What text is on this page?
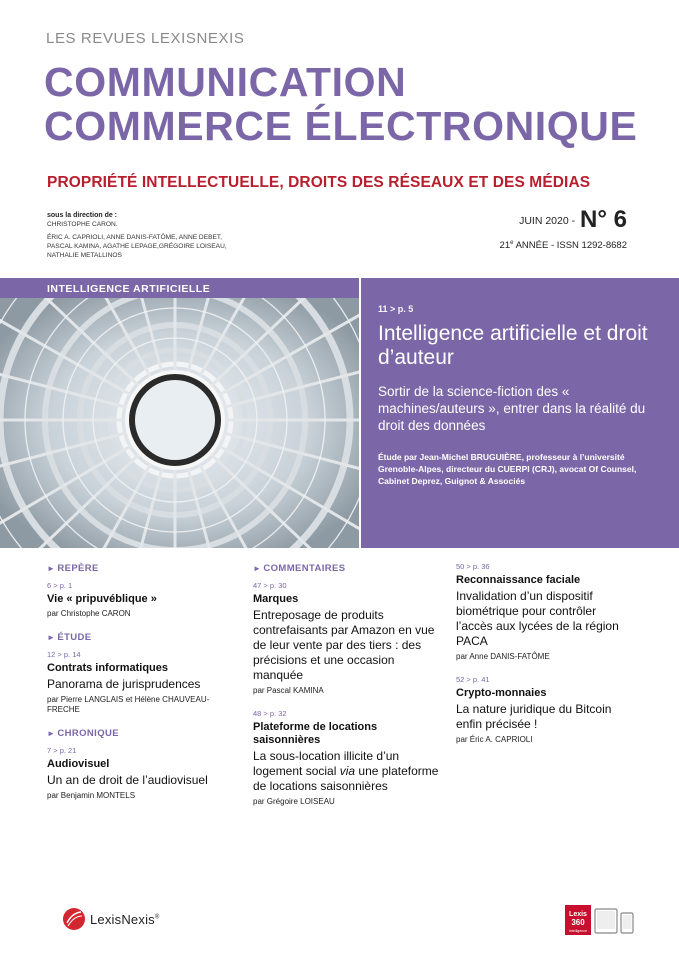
LES REVUES LEXISNEXIS
COMMUNICATION
COMMERCE ÉLECTRONIQUE
PROPRIÉTÉ INTELLECTUELLE, DROITS DES RÉSEAUX ET DES MÉDIAS
sous la direction de :
CHRISTOPHE CARON.
ÉRIC A. CAPRIOLI, ANNE DANIS-FATÔME, ANNE DEBET,
PASCAL KAMINA, AGATHE LEPAGE,GRÉGOIRE LOISEAU,
NATHALIE METALLINOS
JUIN 2020 - N° 6
21e ANNÉE - ISSN 1292-8682
INTELLIGENCE ARTIFICIELLE
11 > p. 5
Intelligence artificielle et droit d’auteur
Sortir de la science-fiction des « machines/auteurs », entrer dans la réalité du droit des données
Étude par Jean-Michel BRUGUIÈRE, professeur à l’université Grenoble-Alpes, directeur du CUERPI (CRJ), avocat Of Counsel, Cabinet Deprez, Guignot & Associés
► REPÈRE
6 > p. 1
Vie « pripuvéblique »
par Christophe CARON
► ÉTUDE
12 > p. 14
Contrats informatiques
Panorama de jurisprudences
par Pierre LANGLAIS et Hélène CHAUVEAU-FRECHE
► CHRONIQUE
7 > p. 21
Audiovisuel
Un an de droit de l’audiovisuel
par Benjamin MONTELS
► COMMENTAIRES
47 > p. 30
Marques
Entreposage de produits contrefaisants par Amazon en vue de leur vente par des tiers : des précisions et une occasion manquée
par Pascal KAMINA
48 > p. 32
Plateforme de locations saisonnières
La sous-location illicite d’un logement social via une plateforme de locations saisonnières
par Grégoire LOISEAU
50 > p. 36
Reconnaissance faciale
Invalidation d’un dispositif biométrique pour contrôler l’accès aux lycées de la région PACA
par Anne DANIS-FATÔME
52 > p. 41
Crypto-monnaies
La nature juridique du Bitcoin enfin précisée !
par Éric A. CAPRIOLI
LexisNexis®	Lexis
360
Intelligence
